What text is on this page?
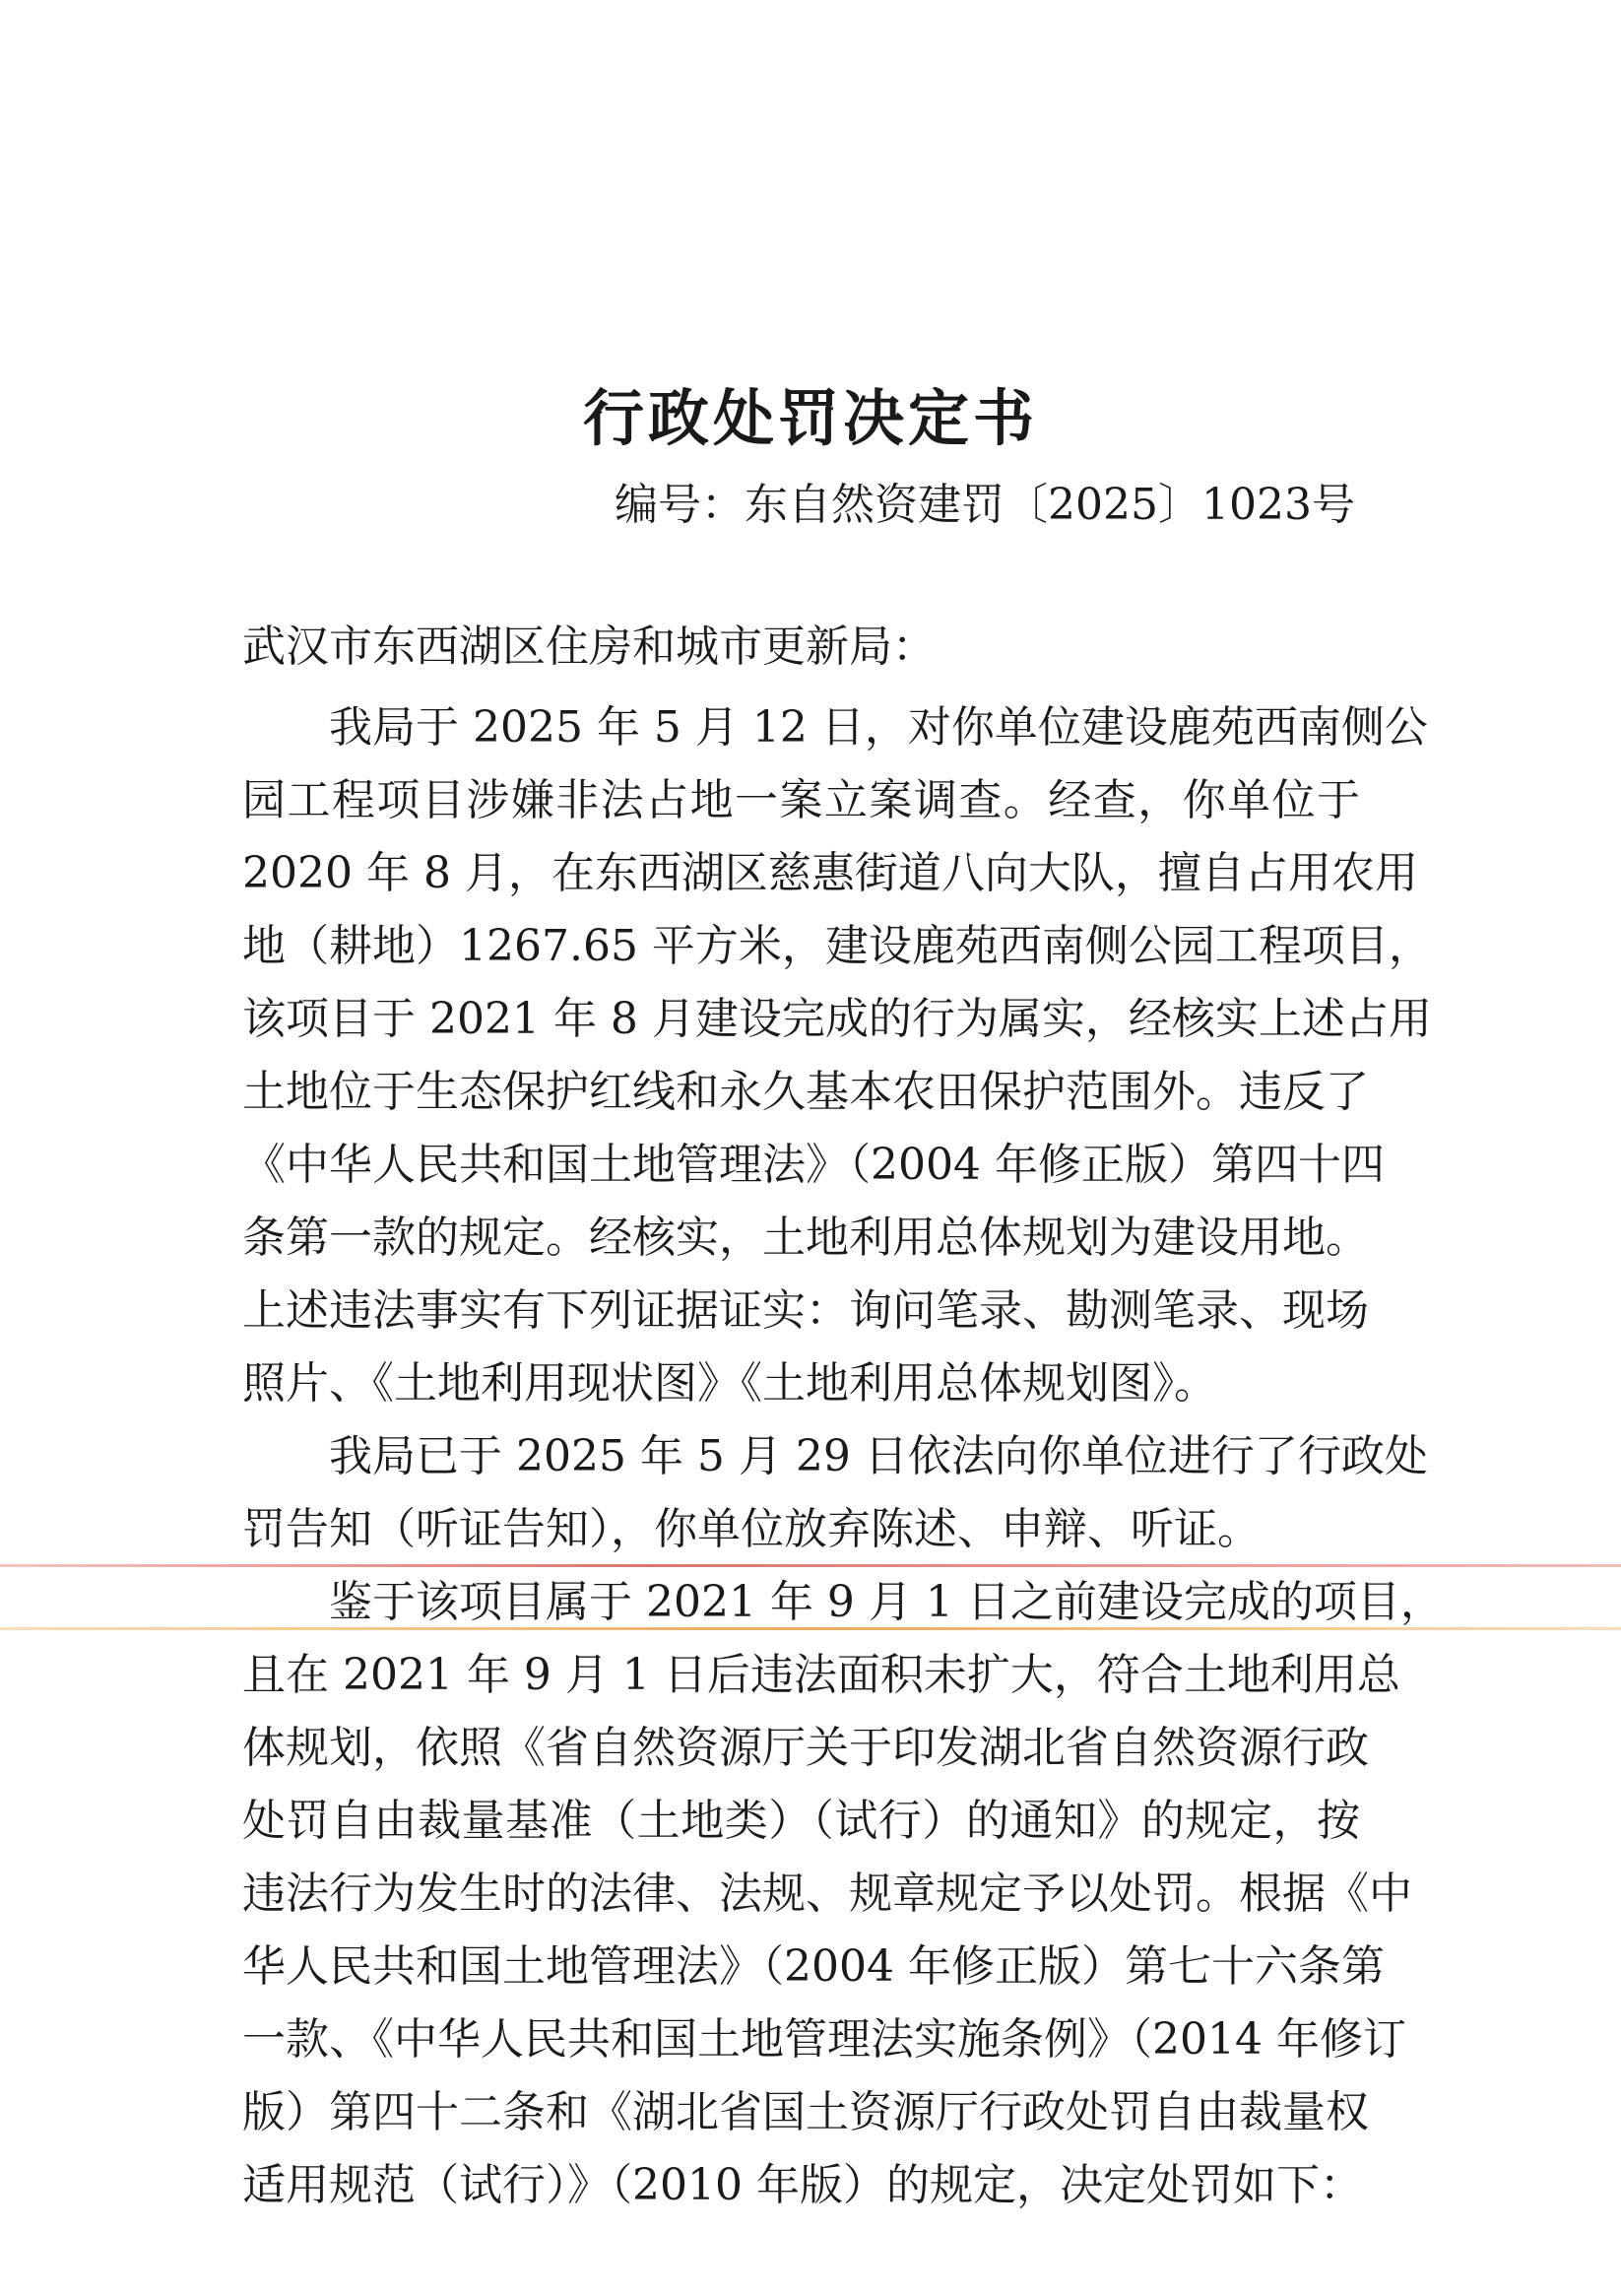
行政处罚决定书
编号：东自然资建罚〔2025〕1023号
武汉市东西湖区住房和城市更新局：
我局于 2025 年 5 月 12 日，对你单位建设鹿苑西南侧公
园工程项目涉嫌非法占地一案立案调查。经查，你单位于
2020 年 8 月，在东西湖区慈惠街道八向大队，擅自占用农用
地（耕地）1267.65 平方米，建设鹿苑西南侧公园工程项目，
该项目于 2021 年 8 月建设完成的行为属实，经核实上述占用
土地位于生态保护红线和永久基本农田保护范围外。违反了
《中华人民共和国土地管理法》（2004 年修正版）第四十四
条第一款的规定。经核实，土地利用总体规划为建设用地。
上述违法事实有下列证据证实：询问笔录、勘测笔录、现场
照片、《土地利用现状图》《土地利用总体规划图》。
我局已于 2025 年 5 月 29 日依法向你单位进行了行政处
罚告知（听证告知），你单位放弃陈述、申辩、听证。
鉴于该项目属于 2021 年 9 月 1 日之前建设完成的项目，
且在 2021 年 9 月 1 日后违法面积未扩大，符合土地利用总
体规划，依照《省自然资源厅关于印发湖北省自然资源行政
处罚自由裁量基准（土地类）（试行）的通知》的规定，按
违法行为发生时的法律、法规、规章规定予以处罚。根据《中
华人民共和国土地管理法》（2004 年修正版）第七十六条第
一款、《中华人民共和国土地管理法实施条例》（2014 年修订
版）第四十二条和《湖北省国土资源厅行政处罚自由裁量权
适用规范（试行）》（2010 年版）的规定，决定处罚如下：
